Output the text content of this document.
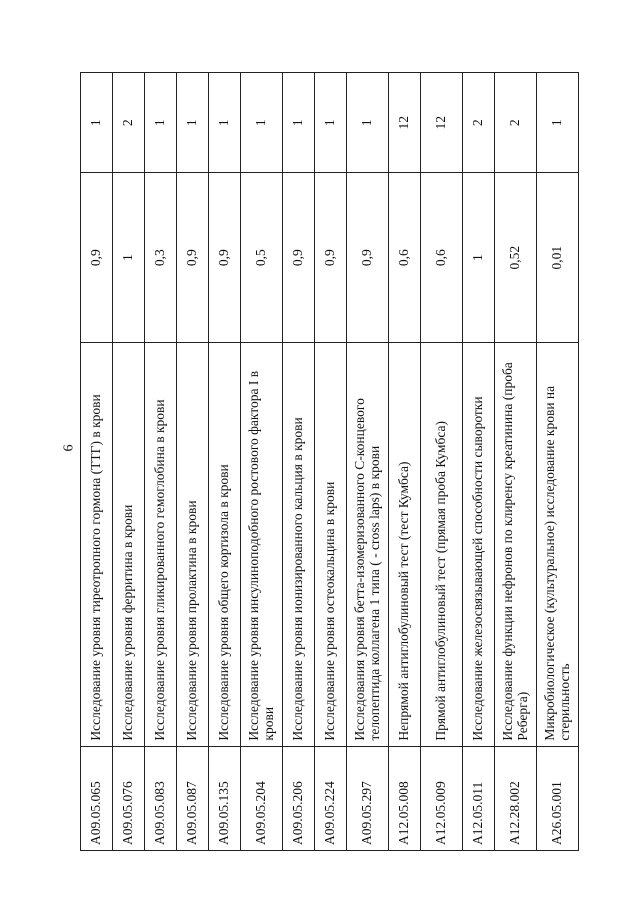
6
А09.05.065	Исследование уровня тиреотропного гормона (ТТГ) в крови	0,9	1
А09.05.076	Исследование уровня ферритина в крови	1	2
А09.05.083	Исследование уровня гликированного гемоглобина в крови	0,3	1
А09.05.087	Исследование уровня пролактина в крови	0,9	1
А09.05.135	Исследование уровня общего кортизола в крови	0,9	1
А09.05.204	Исследование уровня инсулиноподобного ростового фактора I в крови	0,5	1
А09.05.206	Исследование уровня ионизированного кальция в крови	0,9	1
А09.05.224	Исследование уровня остеокальцина в крови	0,9	1
А09.05.297	Исследования уровня бетта-изомеризованного С-концевого телопептида коллагена 1 типа ( - cross laps) в крови	0,9	1
А12.05.008	Непрямой антиглобулиновый тест (тест Кумбса)	0,6	12
А12.05.009	Прямой антиглобулиновый тест (прямая проба Кумбса)	0,6	12
А12.05.011	Исследование железосвязывающей способности сыворотки	1	2
А12.28.002	Исследование функции нефронов по клиренсу креатинина (проба Реберга)	0,52	2
А26.05.001	Микробиологическое (культуральное) исследование крови на стерильность	0,01	1
